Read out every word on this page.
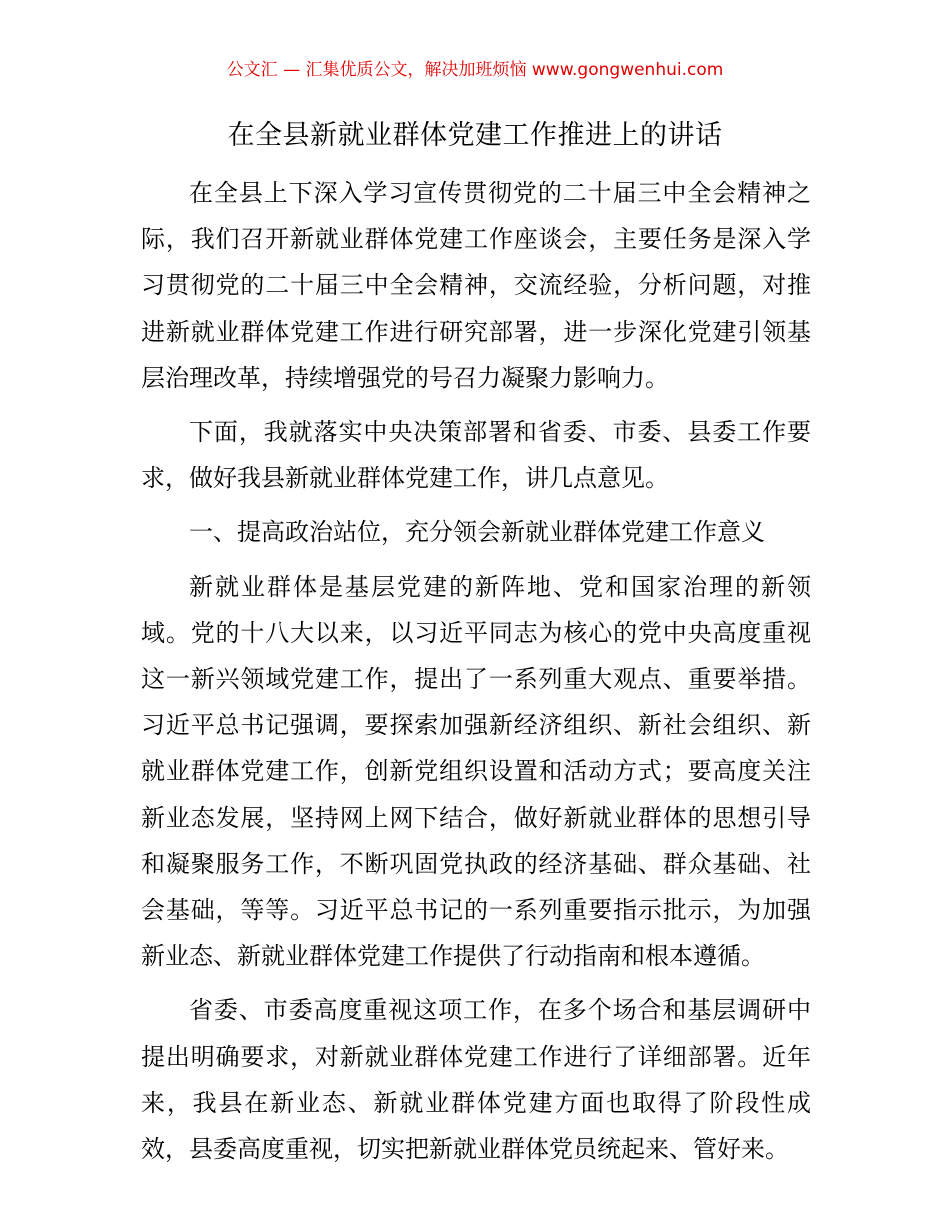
公文汇 — 汇集优质公文，解决加班烦恼 www.gongwenhui.com
在全县新就业群体党建工作推进上的讲话

在全县上下深入学习宣传贯彻党的二十届三中全会精神之际，我们召开新就业群体党建工作座谈会，主要任务是深入学习贯彻党的二十届三中全会精神，交流经验，分析问题，对推进新就业群体党建工作进行研究部署，进一步深化党建引领基层治理改革，持续增强党的号召力凝聚力影响力。

下面，我就落实中央决策部署和省委、市委、县委工作要求，做好我县新就业群体党建工作，讲几点意见。

一、提高政治站位，充分领会新就业群体党建工作意义

新就业群体是基层党建的新阵地、党和国家治理的新领域。党的十八大以来，以习近平同志为核心的党中央高度重视这一新兴领域党建工作，提出了一系列重大观点、重要举措。习近平总书记强调，要探索加强新经济组织、新社会组织、新就业群体党建工作，创新党组织设置和活动方式；要高度关注新业态发展，坚持网上网下结合，做好新就业群体的思想引导和凝聚服务工作，不断巩固党执政的经济基础、群众基础、社会基础，等等。习近平总书记的一系列重要指示批示，为加强新业态、新就业群体党建工作提供了行动指南和根本遵循。

省委、市委高度重视这项工作，在多个场合和基层调研中提出明确要求，对新就业群体党建工作进行了详细部署。近年来，我县在新业态、新就业群体党建方面也取得了阶段性成效，县委高度重视，切实把新就业群体党员统起来、管好来。
